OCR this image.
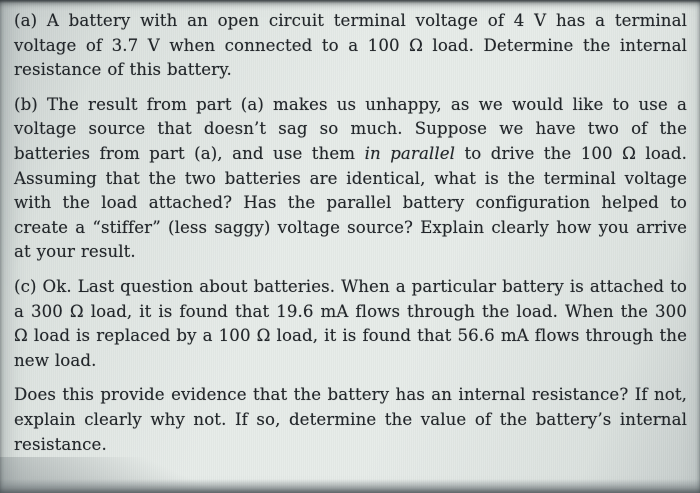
(a) A battery with an open circuit terminal voltage of 4 V has a terminal voltage of 3.7 V when connected to a 100 Ω load. Determine the internal resistance of this battery.

(b) The result from part (a) makes us unhappy, as we would like to use a voltage source that doesn’t sag so much. Suppose we have two of the batteries from part (a), and use them in parallel to drive the 100 Ω load. Assuming that the two batteries are identical, what is the terminal voltage with the load attached? Has the parallel battery configuration helped to create a “stiffer” (less saggy) voltage source? Explain clearly how you arrive at your result.

(c) Ok. Last question about batteries. When a particular battery is attached to a 300 Ω load, it is found that 19.6 mA flows through the load. When the 300 Ω load is replaced by a 100 Ω load, it is found that 56.6 mA flows through the new load.

Does this provide evidence that the battery has an internal resistance? If not, explain clearly why not. If so, determine the value of the battery’s internal resistance.
